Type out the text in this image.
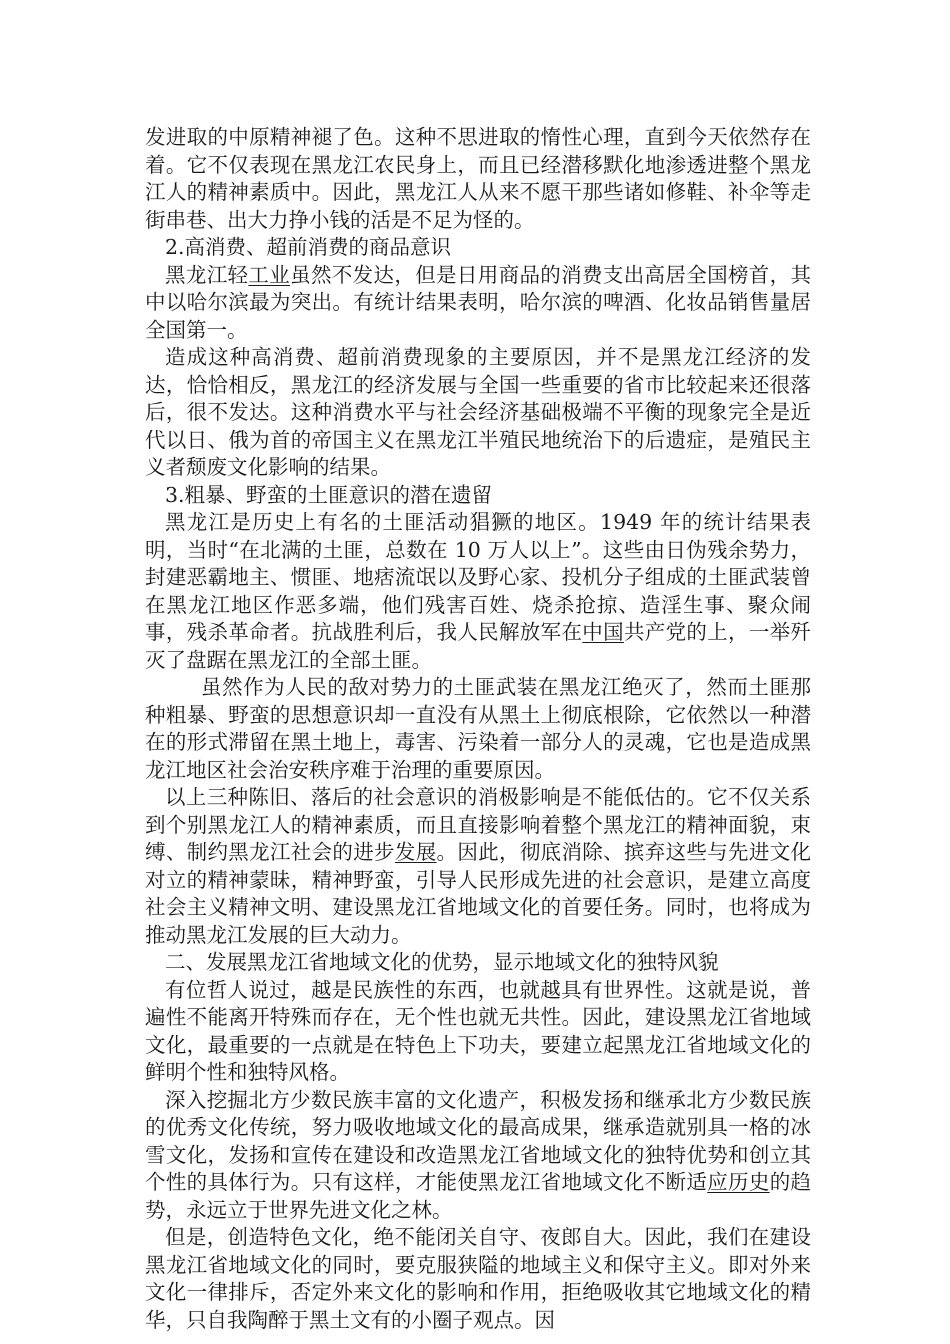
发进取的中原精神褪了色。这种不思进取的惰性心理，直到今天依然存在着。它不仅表现在黑龙江农民身上，而且已经潜移默化地渗透进整个黑龙江人的精神素质中。因此，黑龙江人从来不愿干那些诸如修鞋、补伞等走街串巷、出大力挣小钱的活是不足为怪的。

2.高消费、超前消费的商品意识

黑龙江轻工业虽然不发达，但是日用商品的消费支出高居全国榜首，其中以哈尔滨最为突出。有统计结果表明，哈尔滨的啤酒、化妆品销售量居全国第一。

造成这种高消费、超前消费现象的主要原因，并不是黑龙江经济的发达，恰恰相反，黑龙江的经济发展与全国一些重要的省市比较起来还很落后，很不发达。这种消费水平与社会经济基础极端不平衡的现象完全是近代以日、俄为首的帝国主义在黑龙江半殖民地统治下的后遗症，是殖民主义者颓废文化影响的结果。

3.粗暴、野蛮的土匪意识的潜在遗留

黑龙江是历史上有名的土匪活动猖獗的地区。1949 年的统计结果表明，当时“在北满的土匪，总数在 10 万人以上”。这些由日伪残余势力，封建恶霸地主、惯匪、地痞流氓以及野心家、投机分子组成的土匪武装曾在黑龙江地区作恶多端，他们残害百姓、烧杀抢掠、造淫生事、聚众闹事，残杀革命者。抗战胜利后，我人民解放军在中国共产党的上，一举歼灭了盘踞在黑龙江的全部土匪。

虽然作为人民的敌对势力的土匪武装在黑龙江绝灭了，然而土匪那种粗暴、野蛮的思想意识却一直没有从黑土上彻底根除，它依然以一种潜在的形式滞留在黑土地上，毒害、污染着一部分人的灵魂，它也是造成黑龙江地区社会治安秩序难于治理的重要原因。

以上三种陈旧、落后的社会意识的消极影响是不能低估的。它不仅关系到个别黑龙江人的精神素质，而且直接影响着整个黑龙江的精神面貌，束缚、制约黑龙江社会的进步发展。因此，彻底消除、摈弃这些与先进文化对立的精神蒙昧，精神野蛮，引导人民形成先进的社会意识，是建立高度社会主义精神文明、建设黑龙江省地域文化的首要任务。同时，也将成为推动黑龙江发展的巨大动力。

二、发展黑龙江省地域文化的优势，显示地域文化的独特风貌

有位哲人说过，越是民族性的东西，也就越具有世界性。这就是说，普遍性不能离开特殊而存在，无个性也就无共性。因此，建设黑龙江省地域文化，最重要的一点就是在特色上下功夫，要建立起黑龙江省地域文化的鲜明个性和独特风格。

深入挖掘北方少数民族丰富的文化遗产，积极发扬和继承北方少数民族的优秀文化传统，努力吸收地域文化的最高成果，继承造就别具一格的冰雪文化，发扬和宣传在建设和改造黑龙江省地域文化的独特优势和创立其个性的具体行为。只有这样，才能使黑龙江省地域文化不断适应历史的趋势，永远立于世界先进文化之林。

但是，创造特色文化，绝不能闭关自守、夜郎自大。因此，我们在建设黑龙江省地域文化的同时，要克服狭隘的地域主义和保守主义。即对外来文化一律排斥，否定外来文化的影响和作用，拒绝吸收其它地域文化的精华，只自我陶醉于黑土文有的小圈子观点。因
